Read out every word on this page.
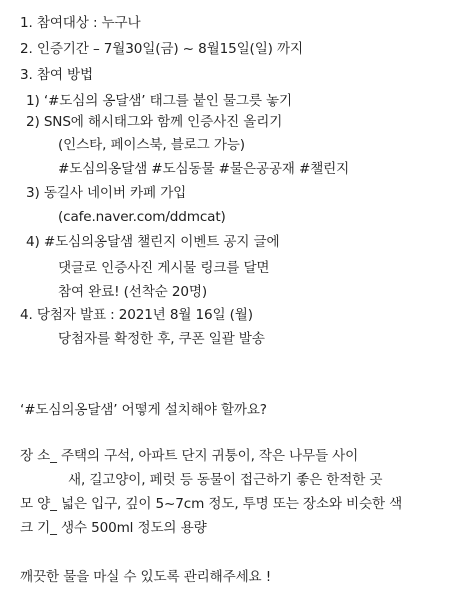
1. 참여대상 : 누구나
2. 인증기간 – 7월30일(금) ~ 8월15일(일) 까지
3. 참여 방법
1) ‘#도심의 옹달샘’ 태그를 붙인 물그릇 놓기
2) SNS에 해시태그와 함께 인증사진 올리기
(인스타, 페이스북, 블로그 가능)
#도심의옹달샘 #도심동물 #물은공공재 #챌린지
3) 동길사 네이버 카페 가입
(cafe.naver.com/ddmcat)
4) #도심의옹달샘 챌린지 이벤트 공지 글에
댓글로 인증사진 게시물 링크를 달면
참여 완료! (선착순 20명)
4. 당첨자 발표 : 2021년 8월 16일 (월)
당첨자를 확정한 후, 쿠폰 일괄 발송
‘#도심의옹달샘’ 어떻게 설치해야 할까요?
장 소_ 주택의 구석, 아파트 단지 귀퉁이, 작은 나무들 사이
새, 길고양이, 페럿 등 동물이 접근하기 좋은 한적한 곳
모 양_ 넓은 입구, 깊이 5~7cm 정도, 투명 또는 장소와 비슷한 색
크 기_ 생수 500ml 정도의 용량
깨끗한 물을 마실 수 있도록 관리해주세요 !
